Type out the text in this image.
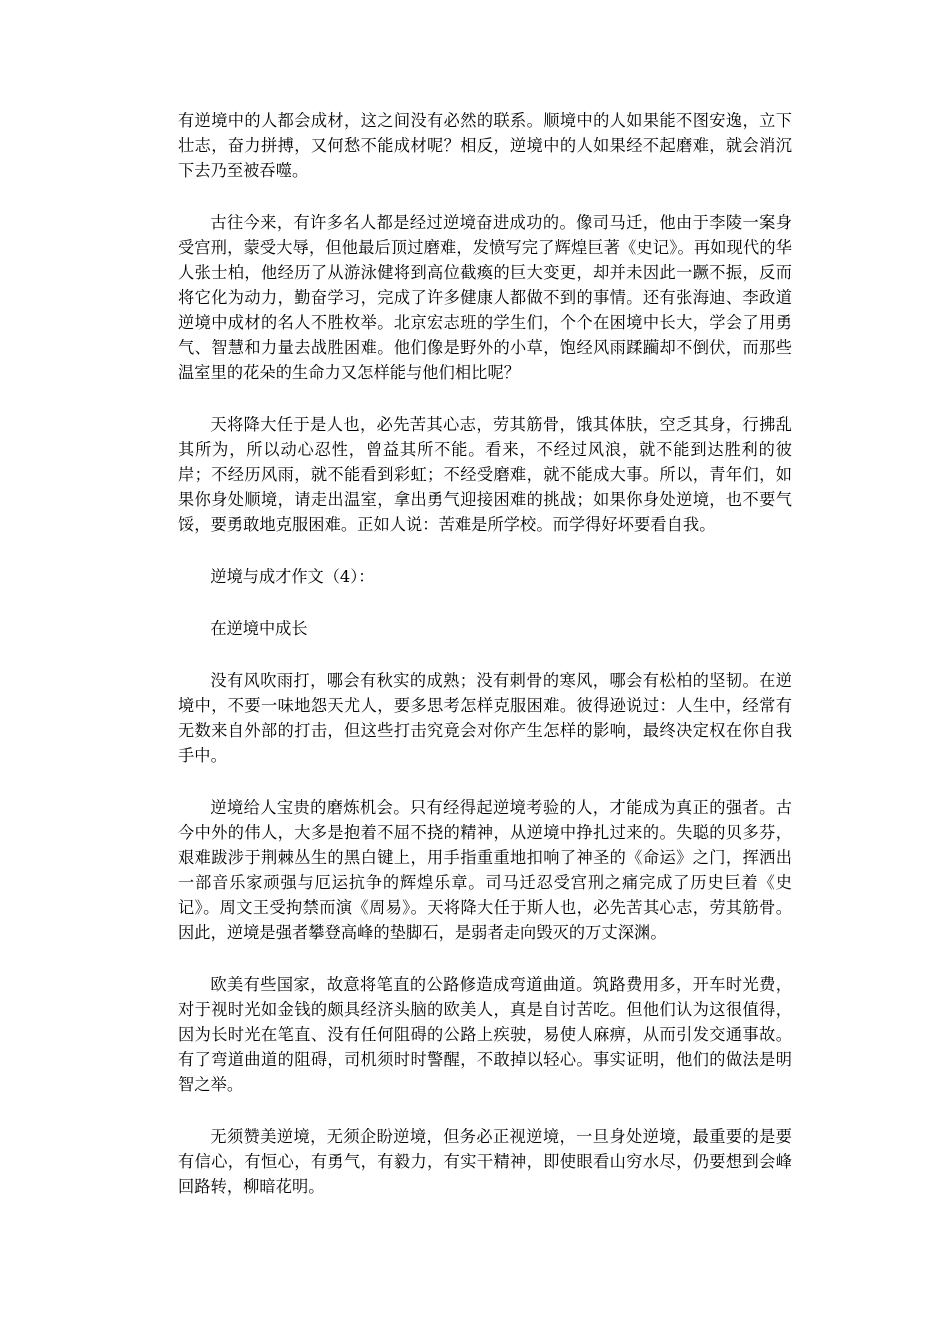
有逆境中的人都会成材，这之间没有必然的联系。顺境中的人如果能不图安逸，立下壮志，奋力拼搏，又何愁不能成材呢？相反，逆境中的人如果经不起磨难，就会消沉下去乃至被吞噬。

古往今来，有许多名人都是经过逆境奋进成功的。像司马迁，他由于李陵一案身受宫刑，蒙受大辱，但他最后顶过磨难，发愤写完了辉煌巨著《史记》。再如现代的华人张士柏，他经历了从游泳健将到高位截瘓的巨大变更，却并未因此一蹶不振，反而将它化为动力，勤奋学习，完成了许多健康人都做不到的事情。还有张海迪、李政道逆境中成材的名人不胜枚举。北京宏志班的学生们，个个在困境中长大，学会了用勇气、智慧和力量去战胜困难。他们像是野外的小草，饱经风雨蹂躏却不倒伏，而那些温室里的花朵的生命力又怎样能与他们相比呢？

天将降大任于是人也，必先苦其心志，劳其筋骨，饿其体肤，空乏其身，行拂乱其所为，所以动心忍性，曾益其所不能。看来，不经过风浪，就不能到达胜利的彼岸；不经历风雨，就不能看到彩虹；不经受磨难，就不能成大事。所以，青年们，如果你身处顺境，请走出温室，拿出勇气迎接困难的挑战；如果你身处逆境，也不要气馁，要勇敢地克服困难。正如人说：苦难是所学校。而学得好坏要看自我。

逆境与成才作文（4）：

在逆境中成长

没有风吹雨打，哪会有秋实的成熟；没有刺骨的寒风，哪会有松柏的坚韧。在逆境中，不要一味地怨天尤人，要多思考怎样克服困难。彼得逊说过：人生中，经常有无数来自外部的打击，但这些打击究竟会对你产生怎样的影响，最终决定权在你自我手中。

逆境给人宝贵的磨炼机会。只有经得起逆境考验的人，才能成为真正的强者。古今中外的伟人，大多是抱着不屈不挠的精神，从逆境中挣扎过来的。失聪的贝多芬，艰难跋涉于荆棘丛生的黑白键上，用手指重重地扣响了神圣的《命运》之门，挥洒出一部音乐家顽强与厄运抗争的辉煌乐章。司马迁忍受宫刑之痛完成了历史巨着《史记》。周文王受拘禁而演《周易》。天将降大任于斯人也，必先苦其心志，劳其筋骨。因此，逆境是强者攀登高峰的垫脚石，是弱者走向毁灭的万丈深渊。

欧美有些国家，故意将笔直的公路修造成弯道曲道。筑路费用多，开车时光费，对于视时光如金钱的颇具经济头脑的欧美人，真是自讨苦吃。但他们认为这很值得，因为长时光在笔直、没有任何阻碍的公路上疾驶，易使人麻痹，从而引发交通事故。有了弯道曲道的阻碍，司机须时时警醒，不敢掉以轻心。事实证明，他们的做法是明智之举。

无须赞美逆境，无须企盼逆境，但务必正视逆境，一旦身处逆境，最重要的是要有信心，有恒心，有勇气，有毅力，有实干精神，即使眼看山穷水尽，仍要想到会峰回路转，柳暗花明。
